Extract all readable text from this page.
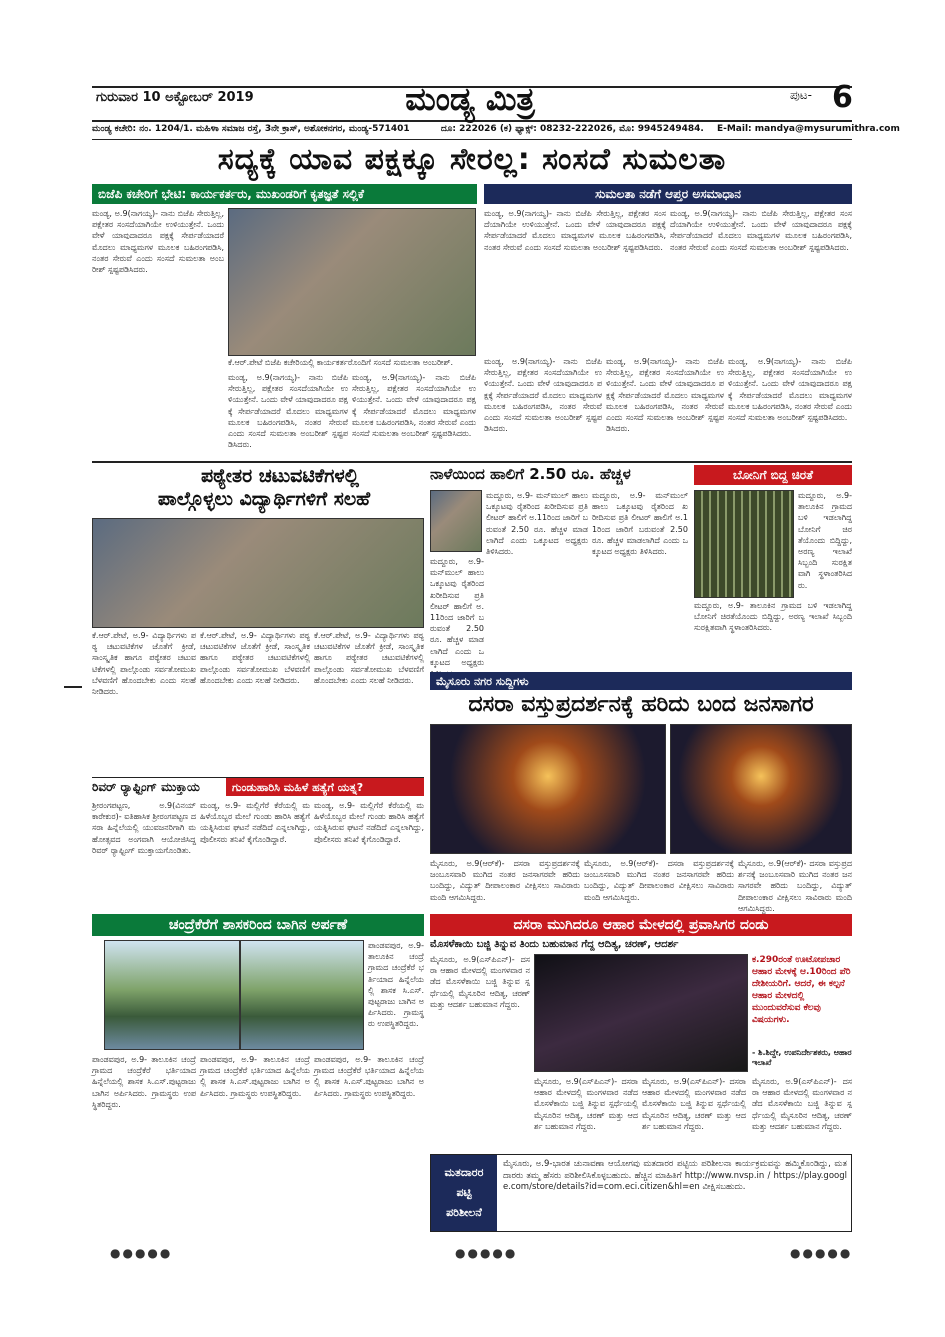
ಗುರುವಾರ 10 ಅಕ್ಟೋಬರ್ 2019	ಮಂಡ್ಯ ಮಿತ್ರ	ಪುಟ- 6
ಮಂಡ್ಯ ಕಚೇರಿ: ನಂ. 1204/1. ಮಹಿಳಾ ಸಮಾಜ ರಸ್ತೆ, 3ನೇ ಕ್ರಾಸ್, ಅಶೋಕನಗರ, ಮಂಡ್ಯ-571401	ದೂ: 222026 (ಕ) ಫ್ಯಾಕ್ಸ್: 08232-222026, ಮೊ: 9945249484. E-Mail: mandya@mysurumithra.com
ಸದ್ಯಕ್ಕೆ ಯಾವ ಪಕ್ಷಕ್ಕೂ ಸೇರಲ್ಲ: ಸಂಸದೆ ಸುಮಲತಾ
ಬಿಜೆಪಿ ಕಚೇರಿಗೆ ಭೇಟಿ: ಕಾರ್ಯಕರ್ತರು, ಮುಖಂಡರಿಗೆ ಕೃತಜ್ಞತೆ ಸಲ್ಲಿಕೆ	ಸುಮಲತಾ ನಡೆಗೆ ಆಪ್ತರ ಅಸಮಾಧಾನ
ಮಂಡ್ಯ, ಅ.9(ನಾಗಯ್ಯ)- ನಾನು ಬಿಜೆಪಿ ಸೇರುತ್ತಿಲ್ಲ, ಪಕ್ಷೇತರ ಸಂಸದೆಯಾಗಿಯೇ ಉಳಿಯುತ್ತೇನೆ. ಒಂದು ವೇಳೆ ಯಾವುದಾದರೂ ಪಕ್ಷಕ್ಕೆ ಸೇರ್ಪಡೆಯಾದರೆ ಮೊದಲು ಮಾಧ್ಯಮಗಳ ಮೂಲಕ ಬಹಿರಂಗಪಡಿಸಿ, ನಂತರ ಸೇರುವೆ ಎಂದು ಸಂಸದೆ ಸುಮಲತಾ ಅಂಬರೀಶ್ ಸ್ಪಷ್ಟಪಡಿಸಿದರು.
ಕೆ.ಆರ್.ಪೇಟೆ ಬಿಜೆಪಿ ಕಚೇರಿಯಲ್ಲಿ ಕಾರ್ಯಕರ್ತರೊಂದಿಗೆ ಸಂಸದೆ ಸುಮಲತಾ ಅಂಬರೀಶ್.
ಮಂಡ್ಯ, ಅ.9(ನಾಗಯ್ಯ)- ನಾನು ಬಿಜೆಪಿ ಸೇರುತ್ತಿಲ್ಲ, ಪಕ್ಷೇತರ ಸಂಸದೆಯಾಗಿಯೇ ಉಳಿಯುತ್ತೇನೆ. ಒಂದು ವೇಳೆ ಯಾವುದಾದರೂ ಪಕ್ಷಕ್ಕೆ ಸೇರ್ಪಡೆಯಾದರೆ ಮೊದಲು ಮಾಧ್ಯಮಗಳ ಮೂಲಕ ಬಹಿರಂಗಪಡಿಸಿ, ನಂತರ ಸೇರುವೆ ಎಂದು ಸಂಸದೆ ಸುಮಲತಾ ಅಂಬರೀಶ್ ಸ್ಪಷ್ಟಪಡಿಸಿದರು.
ಮಂಡ್ಯ, ಅ.9(ನಾಗಯ್ಯ)- ನಾನು ಬಿಜೆಪಿ ಸೇರುತ್ತಿಲ್ಲ, ಪಕ್ಷೇತರ ಸಂಸದೆಯಾಗಿಯೇ ಉಳಿಯುತ್ತೇನೆ. ಒಂದು ವೇಳೆ ಯಾವುದಾದರೂ ಪಕ್ಷಕ್ಕೆ ಸೇರ್ಪಡೆಯಾದರೆ ಮೊದಲು ಮಾಧ್ಯಮಗಳ ಮೂಲಕ ಬಹಿರಂಗಪಡಿಸಿ, ನಂತರ ಸೇರುವೆ ಎಂದು ಸಂಸದೆ ಸುಮಲತಾ ಅಂಬರೀಶ್ ಸ್ಪಷ್ಟಪಡಿಸಿದರು.
ಮಂಡ್ಯ, ಅ.9(ನಾಗಯ್ಯ)- ನಾನು ಬಿಜೆಪಿ ಸೇರುತ್ತಿಲ್ಲ, ಪಕ್ಷೇತರ ಸಂಸದೆಯಾಗಿಯೇ ಉಳಿಯುತ್ತೇನೆ. ಒಂದು ವೇಳೆ ಯಾವುದಾದರೂ ಪಕ್ಷಕ್ಕೆ ಸೇರ್ಪಡೆಯಾದರೆ ಮೊದಲು ಮಾಧ್ಯಮಗಳ ಮೂಲಕ ಬಹಿರಂಗಪಡಿಸಿ, ನಂತರ ಸೇರುವೆ ಎಂದು ಸಂಸದೆ ಸುಮಲತಾ ಅಂಬರೀಶ್ ಸ್ಪಷ್ಟಪಡಿಸಿದರು.
ಮಂಡ್ಯ, ಅ.9(ನಾಗಯ್ಯ)- ನಾನು ಬಿಜೆಪಿ ಸೇರುತ್ತಿಲ್ಲ, ಪಕ್ಷೇತರ ಸಂಸದೆಯಾಗಿಯೇ ಉಳಿಯುತ್ತೇನೆ. ಒಂದು ವೇಳೆ ಯಾವುದಾದರೂ ಪಕ್ಷಕ್ಕೆ ಸೇರ್ಪಡೆಯಾದರೆ ಮೊದಲು ಮಾಧ್ಯಮಗಳ ಮೂಲಕ ಬಹಿರಂಗಪಡಿಸಿ, ನಂತರ ಸೇರುವೆ ಎಂದು ಸಂಸದೆ ಸುಮಲತಾ ಅಂಬರೀಶ್ ಸ್ಪಷ್ಟಪಡಿಸಿದರು.
ಮಂಡ್ಯ, ಅ.9(ನಾಗಯ್ಯ)- ನಾನು ಬಿಜೆಪಿ ಸೇರುತ್ತಿಲ್ಲ, ಪಕ್ಷೇತರ ಸಂಸದೆಯಾಗಿಯೇ ಉಳಿಯುತ್ತೇನೆ. ಒಂದು ವೇಳೆ ಯಾವುದಾದರೂ ಪಕ್ಷಕ್ಕೆ ಸೇರ್ಪಡೆಯಾದರೆ ಮೊದಲು ಮಾಧ್ಯಮಗಳ ಮೂಲಕ ಬಹಿರಂಗಪಡಿಸಿ, ನಂತರ ಸೇರುವೆ ಎಂದು ಸಂಸದೆ ಸುಮಲತಾ ಅಂಬರೀಶ್ ಸ್ಪಷ್ಟಪಡಿಸಿದರು.
ಮಂಡ್ಯ, ಅ.9(ನಾಗಯ್ಯ)- ನಾನು ಬಿಜೆಪಿ ಸೇರುತ್ತಿಲ್ಲ, ಪಕ್ಷೇತರ ಸಂಸದೆಯಾಗಿಯೇ ಉಳಿಯುತ್ತೇನೆ. ಒಂದು ವೇಳೆ ಯಾವುದಾದರೂ ಪಕ್ಷಕ್ಕೆ ಸೇರ್ಪಡೆಯಾದರೆ ಮೊದಲು ಮಾಧ್ಯಮಗಳ ಮೂಲಕ ಬಹಿರಂಗಪಡಿಸಿ, ನಂತರ ಸೇರುವೆ ಎಂದು ಸಂಸದೆ ಸುಮಲತಾ ಅಂಬರೀಶ್ ಸ್ಪಷ್ಟಪಡಿಸಿದರು.
ಮಂಡ್ಯ, ಅ.9(ನಾಗಯ್ಯ)- ನಾನು ಬಿಜೆಪಿ ಸೇರುತ್ತಿಲ್ಲ, ಪಕ್ಷೇತರ ಸಂಸದೆಯಾಗಿಯೇ ಉಳಿಯುತ್ತೇನೆ. ಒಂದು ವೇಳೆ ಯಾವುದಾದರೂ ಪಕ್ಷಕ್ಕೆ ಸೇರ್ಪಡೆಯಾದರೆ ಮೊದಲು ಮಾಧ್ಯಮಗಳ ಮೂಲಕ ಬಹಿರಂಗಪಡಿಸಿ, ನಂತರ ಸೇರುವೆ ಎಂದು ಸಂಸದೆ ಸುಮಲತಾ ಅಂಬರೀಶ್ ಸ್ಪಷ್ಟಪಡಿಸಿದರು.
ಪಠ್ಯೇತರ ಚಟುವಟಿಕೆಗಳಲ್ಲಿ
ಪಾಲ್ಗೊಳ್ಳಲು ವಿದ್ಯಾರ್ಥಿಗಳಿಗೆ ಸಲಹೆ
ಕೆ.ಆರ್.ಪೇಟೆ, ಅ.9- ವಿದ್ಯಾರ್ಥಿಗಳು ಪಠ್ಯ ಚಟುವಟಿಕೆಗಳ ಜೊತೆಗೆ ಕ್ರೀಡೆ, ಸಾಂಸ್ಕೃತಿಕ ಹಾಗೂ ಪಠ್ಯೇತರ ಚಟುವಟಿಕೆಗಳಲ್ಲಿ ಪಾಲ್ಗೊಂಡು ಸರ್ವತೋಮುಖ ಬೆಳವಣಿಗೆ ಹೊಂದಬೇಕು ಎಂದು ಸಲಹೆ ನೀಡಿದರು.
ಕೆ.ಆರ್.ಪೇಟೆ, ಅ.9- ವಿದ್ಯಾರ್ಥಿಗಳು ಪಠ್ಯ ಚಟುವಟಿಕೆಗಳ ಜೊತೆಗೆ ಕ್ರೀಡೆ, ಸಾಂಸ್ಕೃತಿಕ ಹಾಗೂ ಪಠ್ಯೇತರ ಚಟುವಟಿಕೆಗಳಲ್ಲಿ ಪಾಲ್ಗೊಂಡು ಸರ್ವತೋಮುಖ ಬೆಳವಣಿಗೆ ಹೊಂದಬೇಕು ಎಂದು ಸಲಹೆ ನೀಡಿದರು.
ಕೆ.ಆರ್.ಪೇಟೆ, ಅ.9- ವಿದ್ಯಾರ್ಥಿಗಳು ಪಠ್ಯ ಚಟುವಟಿಕೆಗಳ ಜೊತೆಗೆ ಕ್ರೀಡೆ, ಸಾಂಸ್ಕೃತಿಕ ಹಾಗೂ ಪಠ್ಯೇತರ ಚಟುವಟಿಕೆಗಳಲ್ಲಿ ಪಾಲ್ಗೊಂಡು ಸರ್ವತೋಮುಖ ಬೆಳವಣಿಗೆ ಹೊಂದಬೇಕು ಎಂದು ಸಲಹೆ ನೀಡಿದರು.
ನಾಳೆಯಿಂದ ಹಾಲಿಗೆ 2.50 ರೂ. ಹೆಚ್ಚಳ
ಮದ್ದೂರು, ಅ.9- ಮನ್‌ಮುಲ್ ಹಾಲು ಒಕ್ಕೂಟವು ರೈತರಿಂದ ಖರೀದಿಸುವ ಪ್ರತಿ ಲೀಟರ್ ಹಾಲಿಗೆ ಅ.11ರಿಂದ ಜಾರಿಗೆ ಬರುವಂತೆ 2.50 ರೂ. ಹೆಚ್ಚಳ ಮಾಡಲಾಗಿದೆ ಎಂದು ಒಕ್ಕೂಟದ ಅಧ್ಯಕ್ಷರು ತಿಳಿಸಿದರು.
ಮದ್ದೂರು, ಅ.9- ಮನ್‌ಮುಲ್ ಹಾಲು ಒಕ್ಕೂಟವು ರೈತರಿಂದ ಖರೀದಿಸುವ ಪ್ರತಿ ಲೀಟರ್ ಹಾಲಿಗೆ ಅ.11ರಿಂದ ಜಾರಿಗೆ ಬರುವಂತೆ 2.50 ರೂ. ಹೆಚ್ಚಳ ಮಾಡಲಾಗಿದೆ ಎಂದು ಒಕ್ಕೂಟದ ಅಧ್ಯಕ್ಷರು
ಮದ್ದೂರು, ಅ.9- ಮನ್‌ಮುಲ್ ಹಾಲು ಒಕ್ಕೂಟವು ರೈತರಿಂದ ಖರೀದಿಸುವ ಪ್ರತಿ ಲೀಟರ್ ಹಾಲಿಗೆ ಅ.11ರಿಂದ ಜಾರಿಗೆ ಬರುವಂತೆ 2.50 ರೂ. ಹೆಚ್ಚಳ ಮಾಡಲಾಗಿದೆ ಎಂದು ಒಕ್ಕೂಟದ ಅಧ್ಯಕ್ಷರು ತಿಳಿಸಿದರು.
ಬೋನಿಗೆ ಬಿದ್ದ ಚಿರತೆ
ಮದ್ದೂರು, ಅ.9- ತಾಲೂಕಿನ ಗ್ರಾಮದ ಬಳಿ ಇಡಲಾಗಿದ್ದ ಬೋನಿಗೆ ಚಿರತೆಯೊಂದು ಬಿದ್ದಿದ್ದು, ಅರಣ್ಯ ಇಲಾಖೆ ಸಿಬ್ಬಂದಿ ಸುರಕ್ಷಿತವಾಗಿ ಸ್ಥಳಾಂತರಿಸಿದರು.
ಮದ್ದೂರು, ಅ.9- ತಾಲೂಕಿನ ಗ್ರಾಮದ ಬಳಿ ಇಡಲಾಗಿದ್ದ ಬೋನಿಗೆ ಚಿರತೆಯೊಂದು ಬಿದ್ದಿದ್ದು, ಅರಣ್ಯ ಇಲಾಖೆ ಸಿಬ್ಬಂದಿ ಸುರಕ್ಷಿತವಾಗಿ ಸ್ಥಳಾಂತರಿಸಿದರು.
ಮೈಸೂರು ನಗರ ಸುದ್ದಿಗಳು
ದಸರಾ ವಸ್ತುಪ್ರದರ್ಶನಕ್ಕೆ ಹರಿದು ಬಂದ ಜನಸಾಗರ
ಮೈಸೂರು, ಅ.9(ಆರ್‌ಕೆ)- ದಸರಾ ವಸ್ತುಪ್ರದರ್ಶನಕ್ಕೆ ಜಂಬೂಸವಾರಿ ಮುಗಿದ ನಂತರ ಜನಸಾಗರವೇ ಹರಿದು ಬಂದಿದ್ದು, ವಿದ್ಯುತ್ ದೀಪಾಲಂಕಾರ ವೀಕ್ಷಿಸಲು ಸಾವಿರಾರು ಮಂದಿ ಆಗಮಿಸಿದ್ದರು.
ಮೈಸೂರು, ಅ.9(ಆರ್‌ಕೆ)- ದಸರಾ ವಸ್ತುಪ್ರದರ್ಶನಕ್ಕೆ ಜಂಬೂಸವಾರಿ ಮುಗಿದ ನಂತರ ಜನಸಾಗರವೇ ಹರಿದು ಬಂದಿದ್ದು, ವಿದ್ಯುತ್ ದೀಪಾಲಂಕಾರ ವೀಕ್ಷಿಸಲು ಸಾವಿರಾರು ಮಂದಿ ಆಗಮಿಸಿದ್ದರು.
ಮೈಸೂರು, ಅ.9(ಆರ್‌ಕೆ)- ದಸರಾ ವಸ್ತುಪ್ರದರ್ಶನಕ್ಕೆ ಜಂಬೂಸವಾರಿ ಮುಗಿದ ನಂತರ ಜನಸಾಗರವೇ ಹರಿದು ಬಂದಿದ್ದು, ವಿದ್ಯುತ್ ದೀಪಾಲಂಕಾರ ವೀಕ್ಷಿಸಲು ಸಾವಿರಾರು ಮಂದಿ ಆಗಮಿಸಿದ್ದರು.
ರಿವರ್ ರ್‍ಯಾಫ್ಟಿಂಗ್ ಮುಕ್ತಾಯ	ಗುಂಡುಹಾರಿಸಿ ಮಹಿಳೆ ಹತ್ಯೆಗೆ ಯತ್ನ?
ಶ್ರೀರಂಗಪಟ್ಟಣ, ಅ.9(ವಿನಯ್ ಕಾರೇಕುರ)- ಐತಿಹಾಸಿಕ ಶ್ರೀರಂಗಪಟ್ಟಣ ದಸರಾ ಹಿನ್ನೆಲೆಯಲ್ಲಿ ಯುವಜನರಿಗಾಗಿ ಮಹೋತ್ಸವದ ಅಂಗವಾಗಿ ಆಯೋಜಿಸಿದ್ದ ರಿವರ್ ರ್‍ಯಾಫ್ಟಿಂಗ್ ಮುಕ್ತಾಯಗೊಂಡಿತು.
ಮಂಡ್ಯ, ಅ.9- ಮಲ್ಲಿಗೆರೆ ಕೆರೆಯಲ್ಲಿ ಮಹಿಳೆಯೊಬ್ಬರ ಮೇಲೆ ಗುಂಡು ಹಾರಿಸಿ ಹತ್ಯೆಗೆ ಯತ್ನಿಸಿರುವ ಘಟನೆ ನಡೆದಿದೆ ಎನ್ನಲಾಗಿದ್ದು, ಪೊಲೀಸರು ತನಿಖೆ ಕೈಗೊಂಡಿದ್ದಾರೆ.
ಮಂಡ್ಯ, ಅ.9- ಮಲ್ಲಿಗೆರೆ ಕೆರೆಯಲ್ಲಿ ಮಹಿಳೆಯೊಬ್ಬರ ಮೇಲೆ ಗುಂಡು ಹಾರಿಸಿ ಹತ್ಯೆಗೆ ಯತ್ನಿಸಿರುವ ಘಟನೆ ನಡೆದಿದೆ ಎನ್ನಲಾಗಿದ್ದು, ಪೊಲೀಸರು ತನಿಖೆ ಕೈಗೊಂಡಿದ್ದಾರೆ.
ದಸರಾ ಮುಗಿದರೂ ಆಹಾರ ಮೇಳದಲ್ಲಿ ಪ್ರವಾಸಿಗರ ದಂಡು
ಮೊಸಳೆಕಾಯಿ ಬಜ್ಜಿ ತಿನ್ನುವ ತಿಂದು ಬಹುಮಾನ ಗೆದ್ದ ಆದಿತ್ಯ, ಚರಣ್, ಆದರ್ಶ
ಮೈಸೂರು, ಅ.9(ಎಸ್‌ಪಿಎನ್)- ದಸರಾ ಆಹಾರ ಮೇಳದಲ್ಲಿ ಮಂಗಳವಾರ ನಡೆದ ಮೊಸಳೆಕಾಯಿ ಬಜ್ಜಿ ತಿನ್ನುವ ಸ್ಪರ್ಧೆಯಲ್ಲಿ ಮೈಸೂರಿನ ಆದಿತ್ಯ, ಚರಣ್ ಮತ್ತು ಆದರ್ಶ ಬಹುಮಾನ ಗೆದ್ದರು.
ಕ.290ರಂತೆ ಊಟೋಪಚಾರ ಆಹಾರ ಮೇಳಕ್ಕೆ ಆ.10ರಿಂದ ಪೆರಿ ದೇಶೀಯರಿಗೆ. ಆದರೆ, ಈ ಕಲ್ಪನೆ ಆಹಾರ ಮೇಳದಲ್ಲಿ ಮುಂದುವರೆಸುವ ಕೆಲವು ವಿಷಯಗಳು.
- ಶಿ.ಶಿದ್ದೇ, ಉಪನಿರ್ದೇಶಕರು, ಆಹಾರ ಇಲಾಖೆ
ಮೈಸೂರು, ಅ.9(ಎಸ್‌ಪಿಎನ್)- ದಸರಾ ಆಹಾರ ಮೇಳದಲ್ಲಿ ಮಂಗಳವಾರ ನಡೆದ ಮೊಸಳೆಕಾಯಿ ಬಜ್ಜಿ ತಿನ್ನುವ ಸ್ಪರ್ಧೆಯಲ್ಲಿ ಮೈಸೂರಿನ ಆದಿತ್ಯ, ಚರಣ್ ಮತ್ತು ಆದರ್ಶ ಬಹುಮಾನ ಗೆದ್ದರು.
ಮೈಸೂರು, ಅ.9(ಎಸ್‌ಪಿಎನ್)- ದಸರಾ ಆಹಾರ ಮೇಳದಲ್ಲಿ ಮಂಗಳವಾರ ನಡೆದ ಮೊಸಳೆಕಾಯಿ ಬಜ್ಜಿ ತಿನ್ನುವ ಸ್ಪರ್ಧೆಯಲ್ಲಿ ಮೈಸೂರಿನ ಆದಿತ್ಯ, ಚರಣ್ ಮತ್ತು ಆದರ್ಶ ಬಹುಮಾನ ಗೆದ್ದರು.
ಮೈಸೂರು, ಅ.9(ಎಸ್‌ಪಿಎನ್)- ದಸರಾ ಆಹಾರ ಮೇಳದಲ್ಲಿ ಮಂಗಳವಾರ ನಡೆದ ಮೊಸಳೆಕಾಯಿ ಬಜ್ಜಿ ತಿನ್ನುವ ಸ್ಪರ್ಧೆಯಲ್ಲಿ ಮೈಸೂರಿನ ಆದಿತ್ಯ, ಚರಣ್ ಮತ್ತು ಆದರ್ಶ ಬಹುಮಾನ ಗೆದ್ದರು.
ಚಂದ್ರೆಕೆರೆಗೆ ಶಾಸಕರಿಂದ ಬಾಗಿನ ಅರ್ಪಣೆ
ಪಾಂಡವಪುರ, ಅ.9- ತಾಲೂಕಿನ ಚಂದ್ರೆ ಗ್ರಾಮದ ಚಂದ್ರೆಕೆರೆ ಭರ್ತಿಯಾದ ಹಿನ್ನೆಲೆಯಲ್ಲಿ ಶಾಸಕ ಸಿ.ಎಸ್.ಪುಟ್ಟರಾಜು ಬಾಗಿನ ಅರ್ಪಿಸಿದರು. ಗ್ರಾಮಸ್ಥರು ಉಪಸ್ಥಿತರಿದ್ದರು.
ಪಾಂಡವಪುರ, ಅ.9- ತಾಲೂಕಿನ ಚಂದ್ರೆ ಗ್ರಾಮದ ಚಂದ್ರೆಕೆರೆ ಭರ್ತಿಯಾದ ಹಿನ್ನೆಲೆಯಲ್ಲಿ ಶಾಸಕ ಸಿ.ಎಸ್.ಪುಟ್ಟರಾಜು ಬಾಗಿನ ಅರ್ಪಿಸಿದರು. ಗ್ರಾಮಸ್ಥರು ಉಪಸ್ಥಿತರಿದ್ದರು.
ಪಾಂಡವಪುರ, ಅ.9- ತಾಲೂಕಿನ ಚಂದ್ರೆ ಗ್ರಾಮದ ಚಂದ್ರೆಕೆರೆ ಭರ್ತಿಯಾದ ಹಿನ್ನೆಲೆಯಲ್ಲಿ ಶಾಸಕ ಸಿ.ಎಸ್.ಪುಟ್ಟರಾಜು ಬಾಗಿನ ಅರ್ಪಿಸಿದರು. ಗ್ರಾಮಸ್ಥರು ಉಪಸ್ಥಿತರಿದ್ದರು.
ಪಾಂಡವಪುರ, ಅ.9- ತಾಲೂಕಿನ ಚಂದ್ರೆ ಗ್ರಾಮದ ಚಂದ್ರೆಕೆರೆ ಭರ್ತಿಯಾದ ಹಿನ್ನೆಲೆಯಲ್ಲಿ ಶಾಸಕ ಸಿ.ಎಸ್.ಪುಟ್ಟರಾಜು ಬಾಗಿನ ಅರ್ಪಿಸಿದರು. ಗ್ರಾಮಸ್ಥರು ಉಪಸ್ಥಿತರಿದ್ದರು.
ಮತದಾರರ
ಪಟ್ಟಿ
ಪರಿಶೀಲನೆ
ಮೈಸೂರು, ಅ.9-ಭಾರತ ಚುನಾವಣಾ ಆಯೋಗವು ಮತದಾರರ ಪಟ್ಟಿಯ ಪರಿಶೀಲನಾ ಕಾರ್ಯಕ್ರಮವನ್ನು ಹಮ್ಮಿಕೊಂಡಿದ್ದು, ಮತದಾರರು ತಮ್ಮ ಹೆಸರು ಪರಿಶೀಲಿಸಿಕೊಳ್ಳಬಹುದು. ಹೆಚ್ಚಿನ ಮಾಹಿತಿಗೆ http://www.nvsp.in / https://play.google.com/store/details?id=com.eci.citizen&hl=en ವೀಕ್ಷಿಸಬಹುದು.
●●●●●	●●●●●	●●●●●
